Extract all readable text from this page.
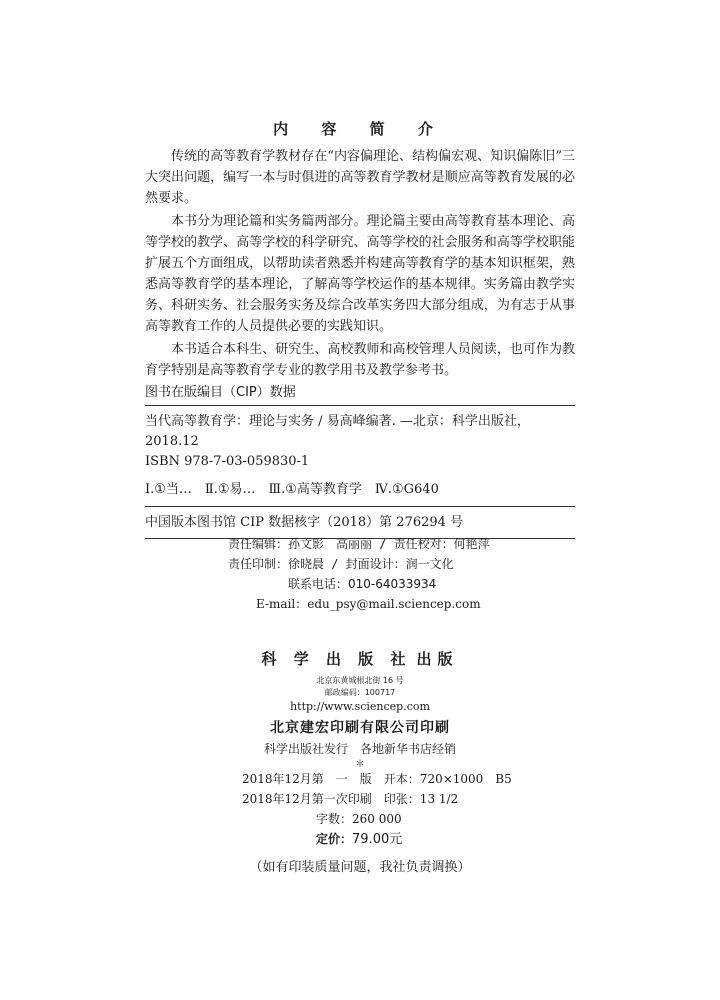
内 容 简 介

传统的高等教育学教材存在“内容偏理论、结构偏宏观、知识偏陈旧”三大突出问题，编写一本与时俱进的高等教育学教材是顺应高等教育发展的必然要求。

本书分为理论篇和实务篇两部分。理论篇主要由高等教育基本理论、高等学校的教学、高等学校的科学研究、高等学校的社会服务和高等学校职能扩展五个方面组成，以帮助读者熟悉并构建高等教育学的基本知识框架，熟悉高等教育学的基本理论，了解高等学校运作的基本规律。实务篇由教学实务、科研实务、社会服务实务及综合改革实务四大部分组成，为有志于从事高等教育工作的人员提供必要的实践知识。

本书适合本科生、研究生、高校教师和高校管理人员阅读，也可作为教育学特别是高等教育学专业的教学用书及教学参考书。

图书在版编目（CIP）数据
当代高等教育学：理论与实务 / 易高峰编著. —北京：科学出版社，
2018.12
ISBN 978-7-03-059830-1
Ⅰ.①当…　Ⅱ.①易…　Ⅲ.①高等教育学　Ⅳ.①G640
中国版本图书馆 CIP 数据核字（2018）第 276294 号
责任编辑：孙文影　高丽丽 / 责任校对：何艳萍
责任印制：徐晓晨 / 封面设计：润一文化
联系电话：010-64033934
E-mail：edu_psy@mail.sciencep.com
科 学 出 版 社 出版
北京东黄城根北街 16 号
邮政编码：100717
http://www.sciencep.com
北京建宏印刷有限公司印刷
科学出版社发行　各地新华书店经销
＊
2018年12月第　一　版　开本：720×1000　B5
2018年12月第一次印刷　印张：13 1/2
字数：260 000
定价：79.00元
（如有印装质量问题，我社负责调换）
